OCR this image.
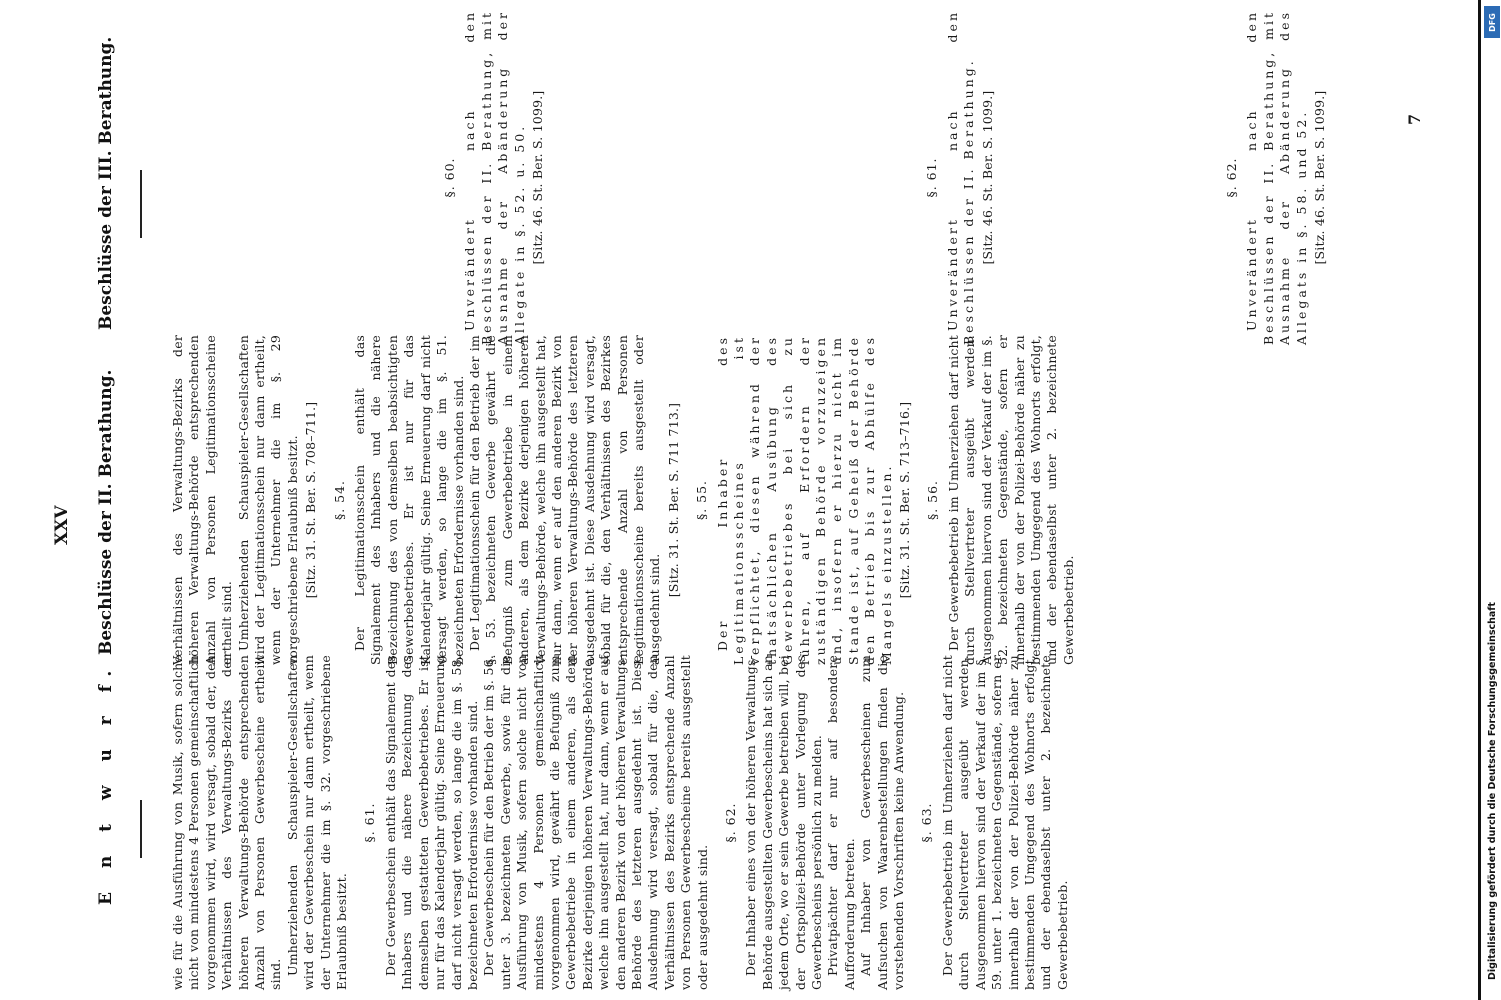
DFG
Digitalisierung gefördert durch die Deutsche Forschungsgemeinschaft
XXV
E n t w u r f.
Beschlüsse der II. Berathung.
Beschlüsse der III. Berathung.

wie für die Ausführung von Musik, sofern solche nicht von mindestens 4 Personen gemeinschaftlich vorgenommen wird, wird versagt, sobald der, den Verhältnissen des Verwaltungs-Bezirks der höheren Verwaltungs-Behörde entsprechenden Anzahl von Personen Gewerbescheine ertheilt sind. Umherziehenden Schauspieler-Gesellschaften wird der Gewerbeschein nur dann ertheilt, wenn der Unternehmer die im §. 32. vorgeschriebene Erlaubniß besitzt.

§. 61. Der Gewerbeschein enthält das Signalement des Inhabers und die nähere Bezeichnung des demselben gestatteten Gewerbebetriebes. Er ist nur für das Kalenderjahr gültig. Seine Erneuerung darf nicht versagt werden, so lange die im §. 58. bezeichneten Erfordernisse vorhanden sind. Der Gewerbeschein für den Betrieb der im §. 56. unter 3. bezeichneten Gewerbe, sowie für die Ausführung von Musik, sofern solche nicht von mindestens 4 Personen gemeinschaftlich vorgenommen wird, gewährt die Befugniß zum Gewerbebetriebe in einem anderen, als dem Bezirke derjenigen höheren Verwaltungs-Behörde, welche ihn ausgestellt hat, nur dann, wenn er auf den anderen Bezirk von der höheren Verwaltungs-Behörde des letzteren ausgedehnt ist. Diese Ausdehnung wird versagt, sobald für die, den Verhältnissen des Bezirks entsprechende Anzahl von Personen Gewerbescheine bereits ausgestellt oder ausgedehnt sind.

§. 62. Der Inhaber eines von der höheren Verwaltungs-Behörde ausgestellten Gewerbescheins hat sich an jedem Orte, wo er sein Gewerbe betreiben will, bei der Ortspolizei-Behörde unter Vorlegung des Gewerbescheins persönlich zu melden. Privatpächter darf er nur auf besondere Aufforderung betreten. Auf Inhaber von Gewerbescheinen zum Aufsuchen von Waarenbestellungen finden die vorstehenden Vorschriften keine Anwendung. §. 63. Der Gewerbebetrieb im Umherziehen darf nicht durch Stellvertreter ausgeübt werden. Ausgenommen hiervon sind der Verkauf der im §. 59. unter 1. bezeichneten Gegenstände, sofern er innerhalb der von der Polizei-Behörde näher zu bestimmenden Umgegend des Wohnorts erfolgt, und der ebendaselbst unter 2. bezeichnete Gewerbebetrieb.

Verhältnissen des Verwaltungs-Bezirks der höheren Verwaltungs-Behörde entsprechenden Anzahl von Personen Legitimationsscheine ertheilt sind. Umherziehenden Schauspieler-Gesellschaften wird der Legitimationsschein nur dann ertheilt, wenn der Unternehmer die im §. 29 vorgeschriebene Erlaubniß besitzt. [Sitz. 31. St. Ber. S. 708–711.] §. 54. Der Legitimationsschein enthält das Signalement des Inhabers und die nähere Bezeichnung des von demselben beabsichtigten Gewerbebetriebes. Er ist nur für das Kalenderjahr gültig. Seine Erneuerung darf nicht versagt werden, so lange die im §. 51. bezeichneten Erfordernisse vorhanden sind. Der Legitimationsschein für den Betrieb der im §. 53. bezeichneten Gewerbe gewährt die Befugniß zum Gewerbebetriebe in einem anderen, als dem Bezirke derjenigen höheren Verwaltungs-Behörde, welche ihn ausgestellt hat, nur dann, wenn er auf den anderen Bezirk von der höheren Verwaltungs-Behörde des letzteren ausgedehnt ist. Diese Ausdehnung wird versagt, sobald für die, den Verhältnissen des Bezirkes entsprechende Anzahl von Personen Legitimationsscheine bereits ausgestellt oder ausgedehnt sind.

[Sitz. 31. St. Ber. S. 711 713.] §. 55. Der Inhaber des Legitimationsscheines ist verpflichtet, diesen während der thatsächlichen Ausübung des Gewerbebetriebes bei sich zu führen, auf Erfordern der zuständigen Behörde vorzuzeigen und, insofern er hierzu nicht im Stande ist, auf Geheiß der Behörde den Betrieb bis zur Abhülfe des Mangels einzustellen. [Sitz. 31. St. Ber. S. 713–716.] §. 56. Der Gewerbebetrieb im Umherziehen darf nicht durch Stellvertreter ausgeübt werden. Ausgenommen hiervon sind der Verkauf der im §. 52. bezeichneten Gegenstände, sofern er innerhalb der von der Polizei-Behörde näher zu bestimmenden Umgegend des Wohnorts erfolgt, und der ebendaselbst unter 2. bezeichnete Gewerbebetrieb.

§. 60. Unverändert nach den Beschlüssen der II. Berathung, mit Ausnahme der Abänderung der Allegate in §. 52. u. 50. [Sitz. 46. St. Ber. S. 1099.]	§. 61. Unverändert nach den Beschlüssen der II. Berathung. [Sitz. 46. St. Ber. S. 1099.]	§. 62. Unverändert nach den Beschlüssen der II. Berathung, mit Ausnahme der Abänderung des Allegats in §. 58. und 52. [Sitz. 46. St. Ber. S. 1099.]	7
